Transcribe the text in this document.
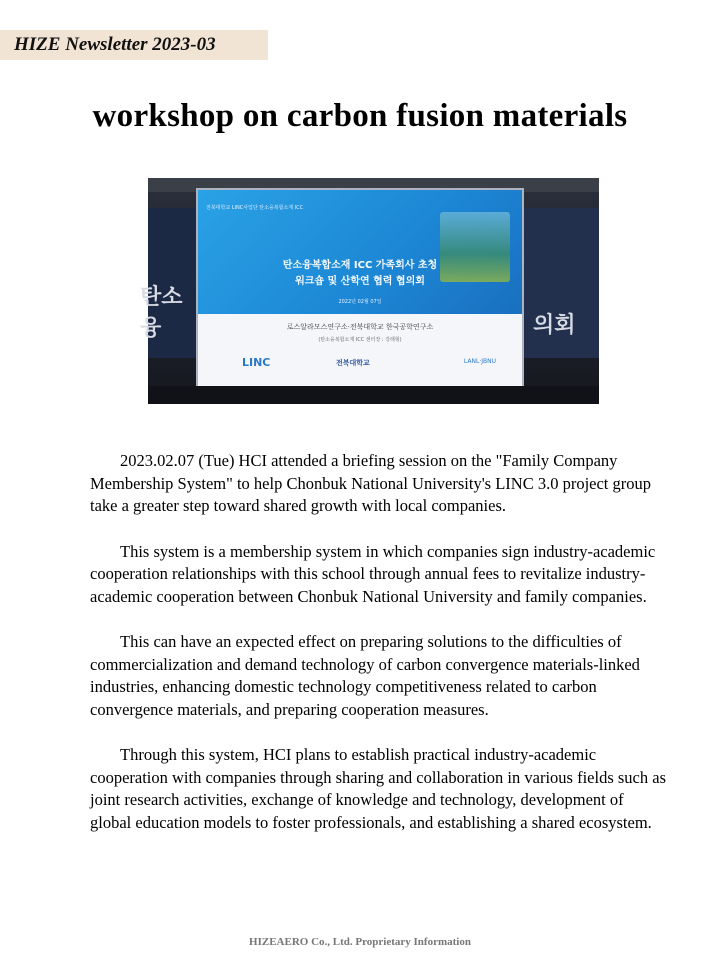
HIZE Newsletter 2023-03
workshop on carbon fusion materials
탄소융	의회
전북대학교 LINC사업단 탄소융복합소재 ICC
탄소융복합소재 ICC 가족회사 초청
워크숍 및 산학연 협력 협의회
2022년 02월 07일
로스알라모스연구소·전북대학교 한국공학연구소
(탄소융복합소재 ICC 센터장 : 강래형)
LINC	전북대학교	LANL·JBNU

2023.02.07 (Tue) HCI attended a briefing session on the "Family Company Membership System" to help Chonbuk National University's LINC 3.0 project group take a greater step toward shared growth with local companies.

This system is a membership system in which companies sign industry-academic cooperation relationships with this school through annual fees to revitalize industry-academic cooperation between Chonbuk National University and family companies.

This can have an expected effect on preparing solutions to the difficulties of commercialization and demand technology of carbon convergence materials-linked industries, enhancing domestic technology competitiveness related to carbon convergence materials, and preparing cooperation measures.

Through this system, HCI plans to establish practical industry-academic cooperation with companies through sharing and collaboration in various fields such as joint research activities, exchange of knowledge and technology, development of global education models to foster professionals, and establishing a shared ecosystem.

HIZEAERO Co., Ltd. Proprietary Information
